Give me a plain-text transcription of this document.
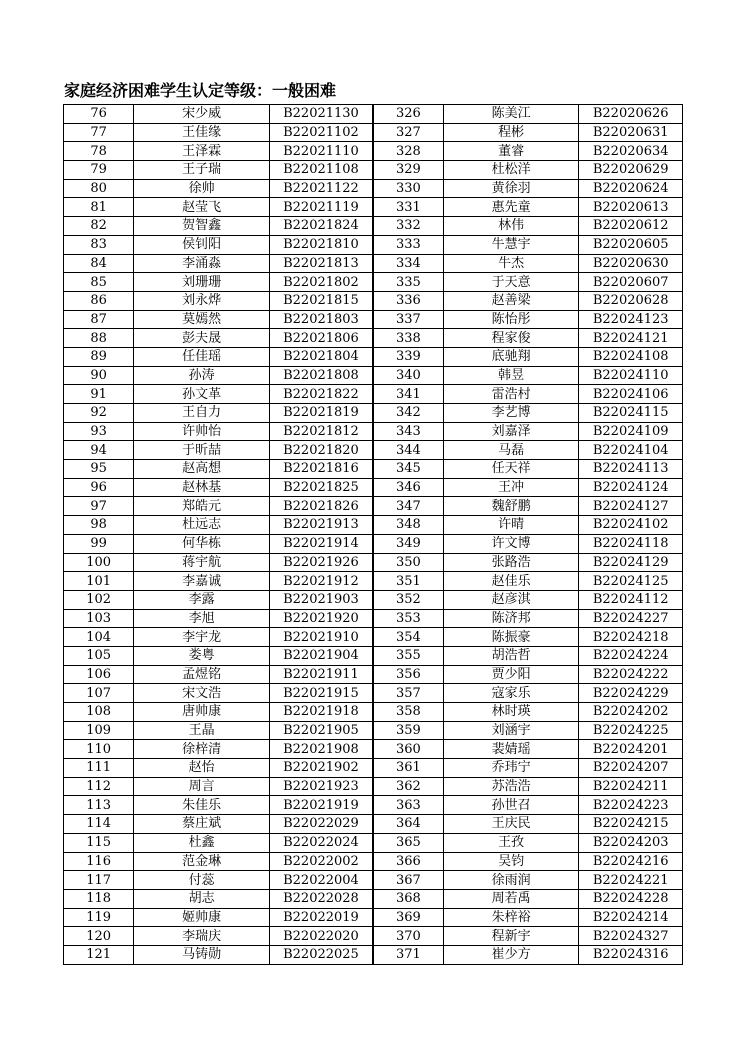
家庭经济困难学生认定等级：一般困难
76	宋少威	B22021130	326	陈美江	B22020626
77	王佳缘	B22021102	327	程彬	B22020631
78	王泽霖	B22021110	328	董睿	B22020634
79	王子瑞	B22021108	329	杜松洋	B22020629
80	徐帅	B22021122	330	黄徐羽	B22020624
81	赵莹飞	B22021119	331	惠先童	B22020613
82	贺智鑫	B22021824	332	林伟	B22020612
83	侯钊阳	B22021810	333	牛慧宇	B22020605
84	李涌淼	B22021813	334	牛杰	B22020630
85	刘珊珊	B22021802	335	于天意	B22020607
86	刘永烨	B22021815	336	赵善梁	B22020628
87	莫嫣然	B22021803	337	陈怡彤	B22024123
88	彭夫晟	B22021806	338	程家俊	B22024121
89	任佳瑶	B22021804	339	底驰翔	B22024108
90	孙涛	B22021808	340	韩昱	B22024110
91	孙文革	B22021822	341	雷浩村	B22024106
92	王自力	B22021819	342	李艺博	B22024115
93	许帅怡	B22021812	343	刘嘉泽	B22024109
94	于昕喆	B22021820	344	马磊	B22024104
95	赵高想	B22021816	345	任天祥	B22024113
96	赵林基	B22021825	346	王冲	B22024124
97	郑皓元	B22021826	347	魏舒鹏	B22024127
98	杜远志	B22021913	348	许晴	B22024102
99	何华栋	B22021914	349	许文博	B22024118
100	蒋宇航	B22021926	350	张路浩	B22024129
101	李嘉诚	B22021912	351	赵佳乐	B22024125
102	李露	B22021903	352	赵彦淇	B22024112
103	李旭	B22021920	353	陈济邦	B22024227
104	李宇龙	B22021910	354	陈振豪	B22024218
105	娄粤	B22021904	355	胡浩哲	B22024224
106	孟煜铭	B22021911	356	贾少阳	B22024222
107	宋文浩	B22021915	357	寇家乐	B22024229
108	唐帅康	B22021918	358	林时瑛	B22024202
109	王晶	B22021905	359	刘涵宇	B22024225
110	徐梓清	B22021908	360	裴婧瑶	B22024201
111	赵怡	B22021902	361	乔玮宁	B22024207
112	周言	B22021923	362	苏浩浩	B22024211
113	朱佳乐	B22021919	363	孙世召	B22024223
114	蔡庄斌	B22022029	364	王庆民	B22024215
115	杜鑫	B22022024	365	王孜	B22024203
116	范金琳	B22022002	366	吴钧	B22024216
117	付蕊	B22022004	367	徐雨润	B22024221
118	胡志	B22022028	368	周若禹	B22024228
119	姬帅康	B22022019	369	朱梓裕	B22024214
120	李瑞庆	B22022020	370	程新宇	B22024327
121	马铸勋	B22022025	371	崔少方	B22024316
